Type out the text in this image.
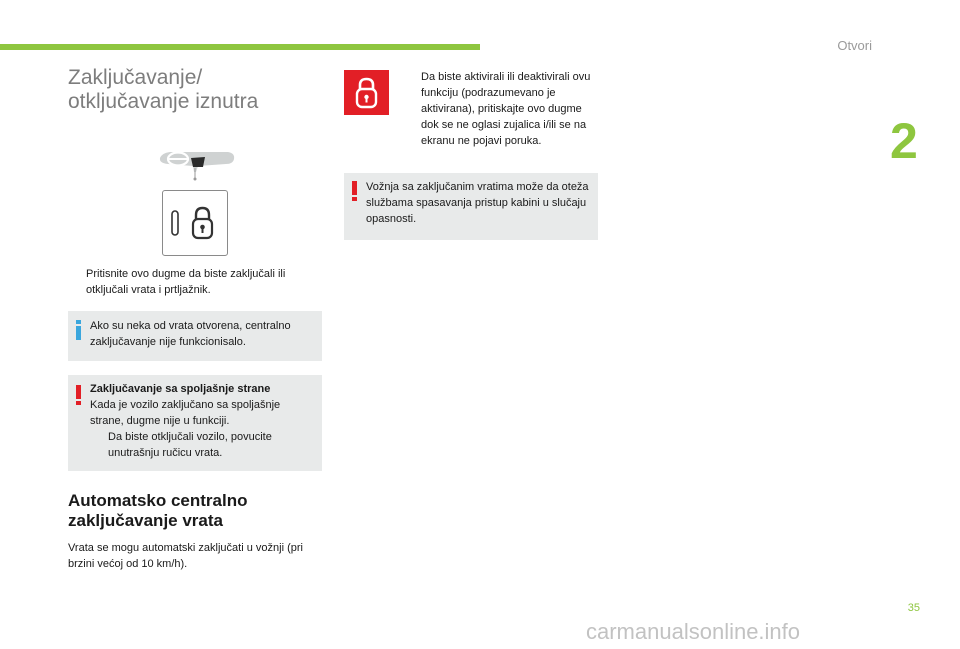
Otvori
2
Zaključavanje/
otključavanje iznutra
Pritisnite ovo dugme da biste zaključali ili otključali vrata i prtljažnik.
Ako su neka od vrata otvorena, centralno zaključavanje nije funkcionisalo.
Zaključavanje sa spoljašnje strane
Kada je vozilo zaključano sa spoljašnje strane, dugme nije u funkciji.
Da biste otključali vozilo, povucite unutrašnju ručicu vrata.
Automatsko centralno
zaključavanje vrata
Vrata se mogu automatski zaključati u vožnji (pri brzini većoj od 10 km/h).
Da biste aktivirali ili deaktivirali ovu funkciju (podrazumevano je aktivirana), pritiskajte ovo dugme dok se ne oglasi zujalica i/ili se na ekranu ne pojavi poruka.
Vožnja sa zaključanim vratima može da oteža službama spasavanja pristup kabini u slučaju opasnosti.
35
carmanualsonline.info
